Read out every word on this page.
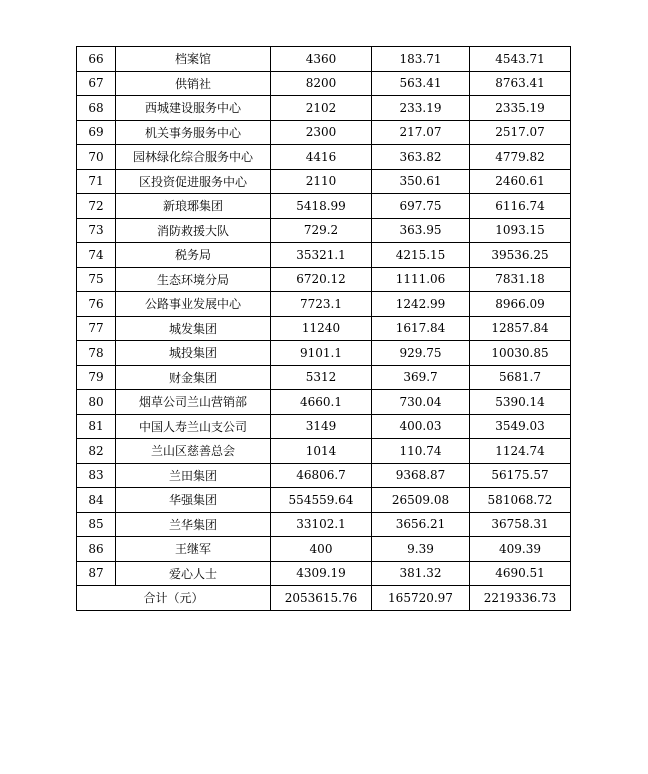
66	档案馆	4360	183.71	4543.71
67	供销社	8200	563.41	8763.41
68	西城建设服务中心	2102	233.19	2335.19
69	机关事务服务中心	2300	217.07	2517.07
70	园林绿化综合服务中心	4416	363.82	4779.82
71	区投资促进服务中心	2110	350.61	2460.61
72	新琅琊集团	5418.99	697.75	6116.74
73	消防救援大队	729.2	363.95	1093.15
74	税务局	35321.1	4215.15	39536.25
75	生态环境分局	6720.12	1111.06	7831.18
76	公路事业发展中心	7723.1	1242.99	8966.09
77	城发集团	11240	1617.84	12857.84
78	城投集团	9101.1	929.75	10030.85
79	财金集团	5312	369.7	5681.7
80	烟草公司兰山营销部	4660.1	730.04	5390.14
81	中国人寿兰山支公司	3149	400.03	3549.03
82	兰山区慈善总会	1014	110.74	1124.74
83	兰田集团	46806.7	9368.87	56175.57
84	华强集团	554559.64	26509.08	581068.72
85	兰华集团	33102.1	3656.21	36758.31
86	王继军	400	9.39	409.39
87	爱心人士	4309.19	381.32	4690.51
合计（元）		2053615.76	165720.97	2219336.73
